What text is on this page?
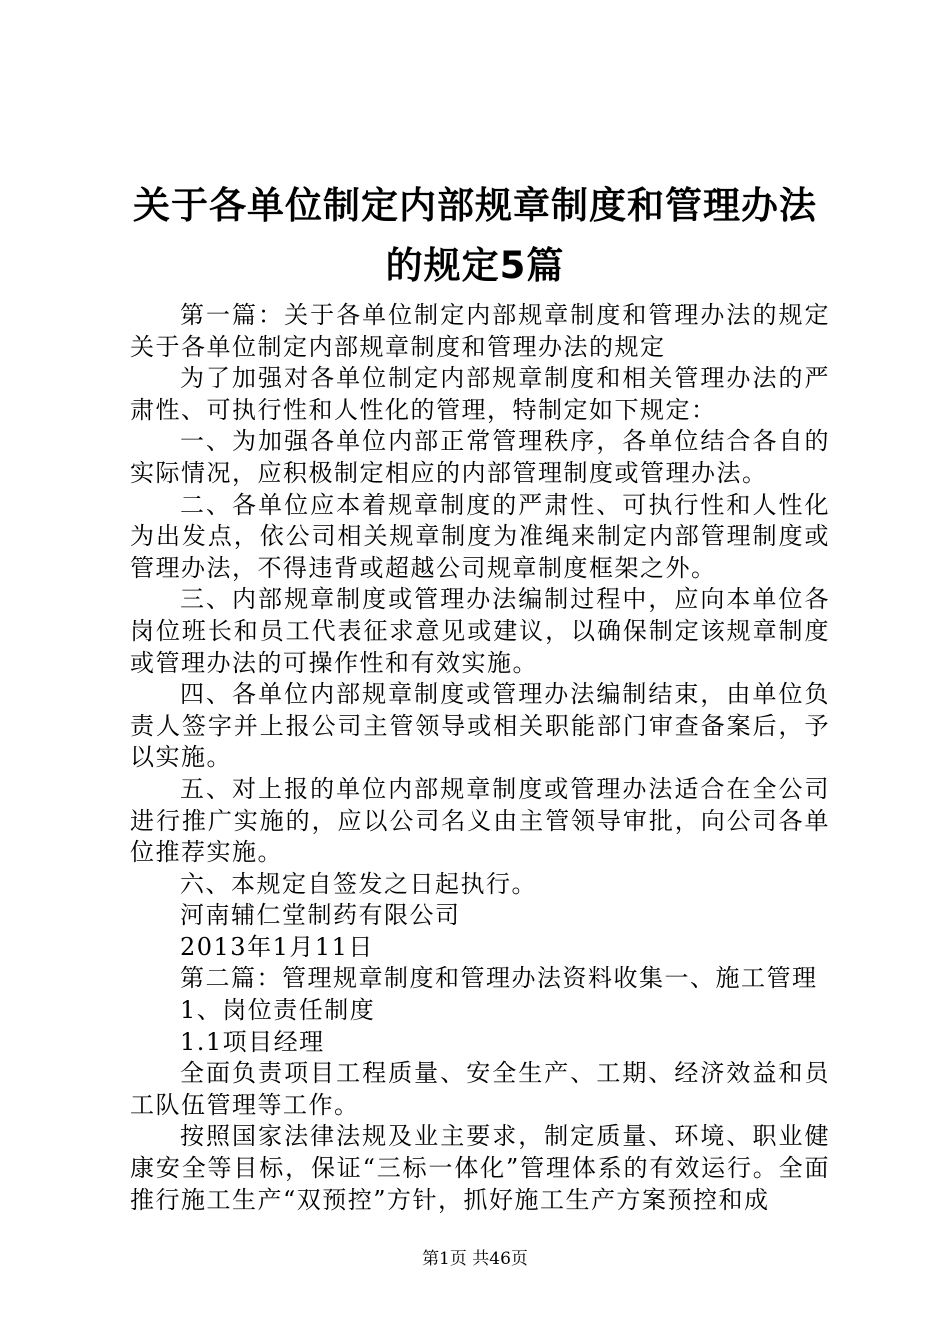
关于各单位制定内部规章制度和管理办法的规定5篇

第一篇：关于各单位制定内部规章制度和管理办法的规定关于各单位制定内部规章制度和管理办法的规定

为了加强对各单位制定内部规章制度和相关管理办法的严肃性、可执行性和人性化的管理，特制定如下规定：

一、为加强各单位内部正常管理秩序，各单位结合各自的实际情况，应积极制定相应的内部管理制度或管理办法。

二、各单位应本着规章制度的严肃性、可执行性和人性化为出发点，依公司相关规章制度为准绳来制定内部管理制度或管理办法，不得违背或超越公司规章制度框架之外。

三、内部规章制度或管理办法编制过程中，应向本单位各岗位班长和员工代表征求意见或建议，以确保制定该规章制度或管理办法的可操作性和有效实施。

四、各单位内部规章制度或管理办法编制结束，由单位负责人签字并上报公司主管领导或相关职能部门审查备案后，予以实施。

五、对上报的单位内部规章制度或管理办法适合在全公司进行推广实施的，应以公司名义由主管领导审批，向公司各单位推荐实施。

六、本规定自签发之日起执行。

河南辅仁堂制药有限公司

2013年1月11日

第二篇：管理规章制度和管理办法资料收集一、施工管理

1、岗位责任制度

1.1项目经理

全面负责项目工程质量、安全生产、工期、经济效益和员工队伍管理等工作。

按照国家法律法规及业主要求，制定质量、环境、职业健康安全等目标，保证“三标一体化”管理体系的有效运行。全面推行施工生产“双预控”方针，抓好施工生产方案预控和成

第1页 共46页
